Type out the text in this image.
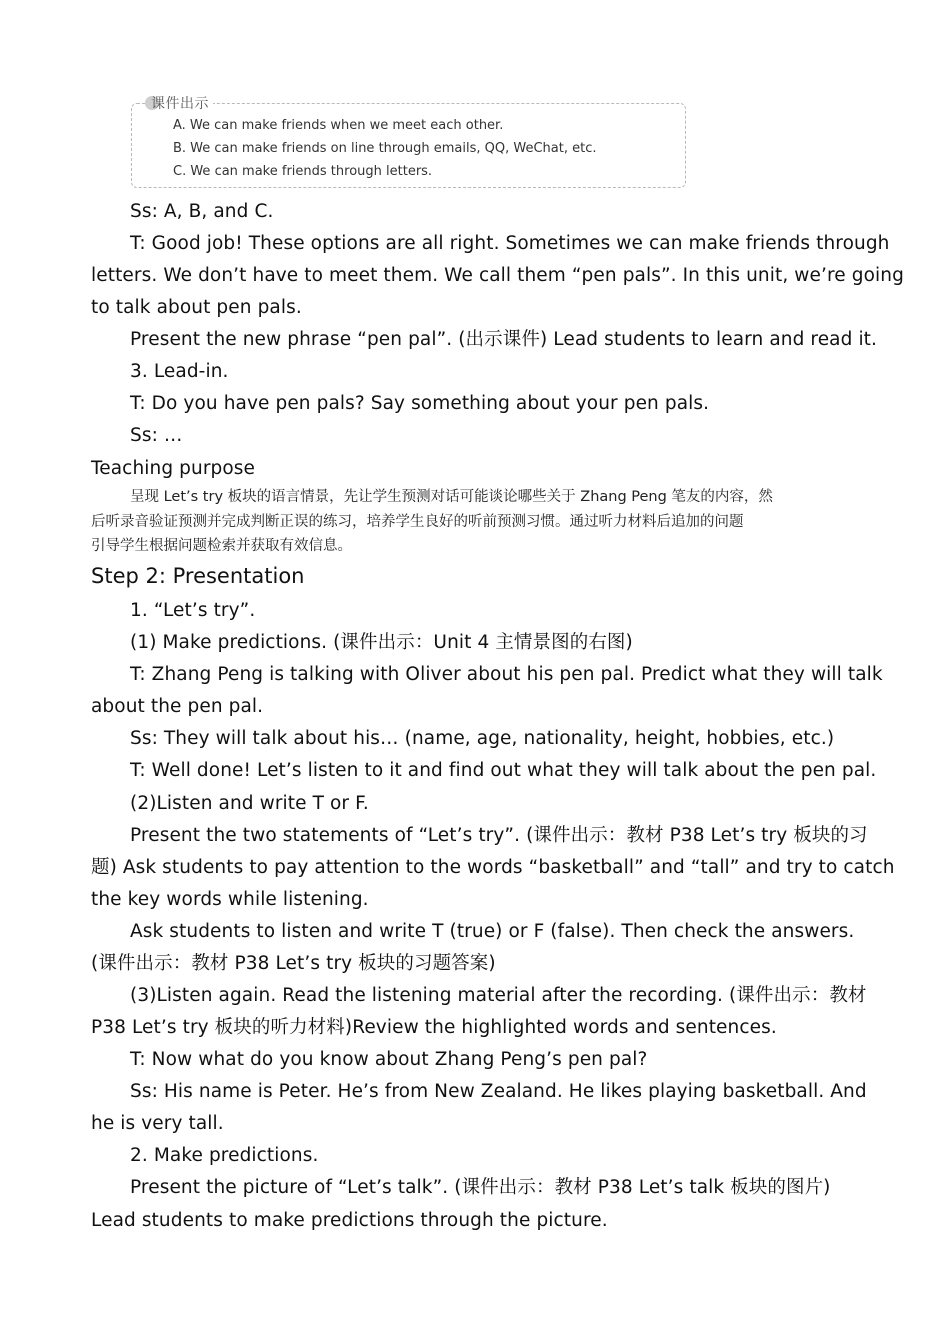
课件出示
A. We can make friends when we meet each other.
B. We can make friends on line through emails, QQ, WeChat, etc.
C. We can make friends through letters.
Ss: A, B, and C.
T: Good job! These options are all right. Sometimes we can make friends through
letters. We don’t have to meet them. We call them “pen pals”. In this unit, we’re going
to talk about pen pals.
Present the new phrase “pen pal”. (出示课件) Lead students to learn and read it.
3. Lead-in.
T: Do you have pen pals? Say something about your pen pals.
Ss: …
Teaching purpose
呈现 Let’s try 板块的语言情景，先让学生预测对话可能谈论哪些关于 Zhang Peng 笔友的内容，然
后听录音验证预测并完成判断正误的练习，培养学生良好的听前预测习惯。通过听力材料后追加的问题
引导学生根据问题检索并获取有效信息。
Step 2: Presentation
1. “Let’s try”.
(1) Make predictions. (课件出示：Unit 4 主情景图的右图)
T: Zhang Peng is talking with Oliver about his pen pal. Predict what they will talk
about the pen pal.
Ss: They will talk about his… (name, age, nationality, height, hobbies, etc.)
T: Well done! Let’s listen to it and find out what they will talk about the pen pal.
(2)Listen and write T or F.
Present the two statements of “Let’s try”. (课件出示：教材 P38 Let’s try 板块的习
题) Ask students to pay attention to the words “basketball” and “tall” and try to catch
the key words while listening.
Ask students to listen and write T (true) or F (false). Then check the answers.
(课件出示：教材 P38 Let’s try 板块的习题答案)
(3)Listen again. Read the listening material after the recording. (课件出示：教材
P38 Let’s try 板块的听力材料)Review the highlighted words and sentences.
T: Now what do you know about Zhang Peng’s pen pal?
Ss: His name is Peter. He’s from New Zealand. He likes playing basketball. And
he is very tall.
2. Make predictions.
Present the picture of “Let’s talk”. (课件出示：教材 P38 Let’s talk 板块的图片)
Lead students to make predictions through the picture.
